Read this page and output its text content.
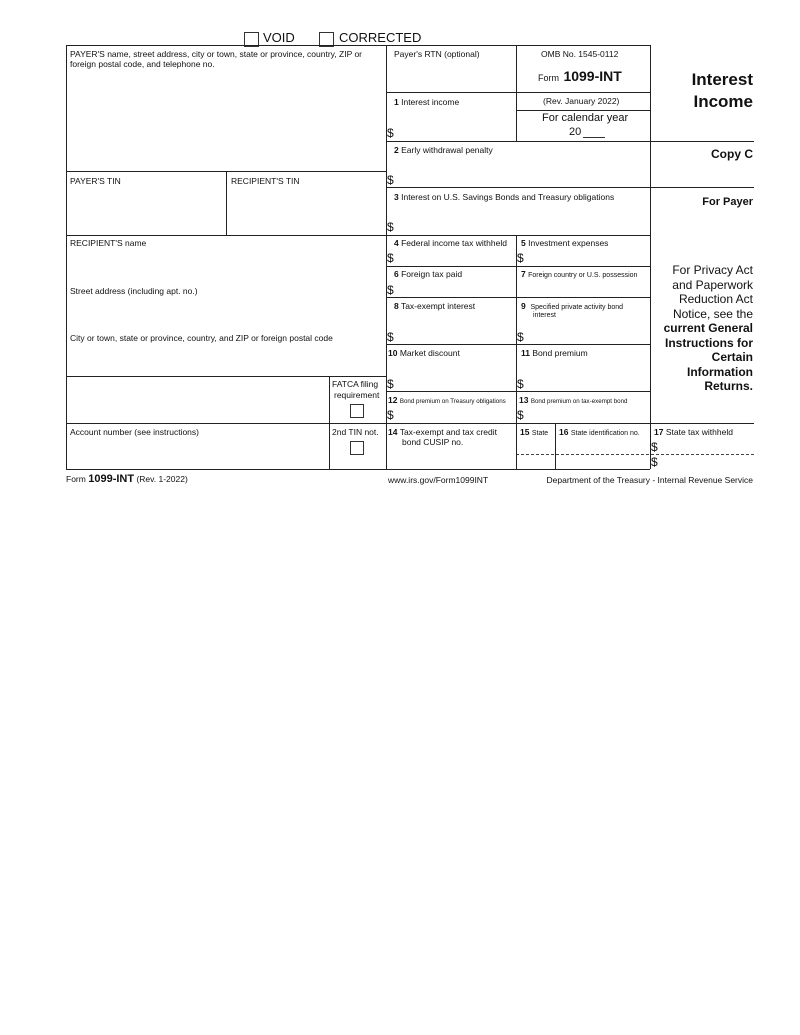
VOID	CORRECTED
PAYER'S name, street address, city or town, state or province, country, ZIP or foreign postal code, and telephone no.
PAYER'S TIN	RECIPIENT'S TIN
RECIPIENT'S name
Street address (including apt. no.)
City or town, state or province, country, and ZIP or foreign postal code
FATCA filing
requirement
Account number (see instructions)	2nd TIN not.
Payer's RTN (optional)	OMB No. 1545-0112
Form 1099-INT
(Rev. January 2022)
For calendar year
20
Interest
Income
Copy C
For Payer
For Privacy Act
and Paperwork
Reduction Act
Notice, see the
current General
Instructions for
Certain
Information
Returns.
1 Interest income
$
2 Early withdrawal penalty
$
3 Interest on U.S. Savings Bonds and Treasury obligations
$
4 Federal income tax withheld
$
5 Investment expenses
$
6 Foreign tax paid
$
7 Foreign country or U.S. possession
8 Tax-exempt interest
$
9 Specified private activity bond
interest
$
10 Market discount
$
11 Bond premium
$
12 Bond premium on Treasury obligations
$
13 Bond premium on tax-exempt bond
$
14 Tax-exempt and tax credit
bond CUSIP no.
15 State 16 State identification no. 17 State tax withheld
$
$
Form 1099-INT (Rev. 1-2022)	www.irs.gov/Form1099INT	Department of the Treasury - Internal Revenue Service
